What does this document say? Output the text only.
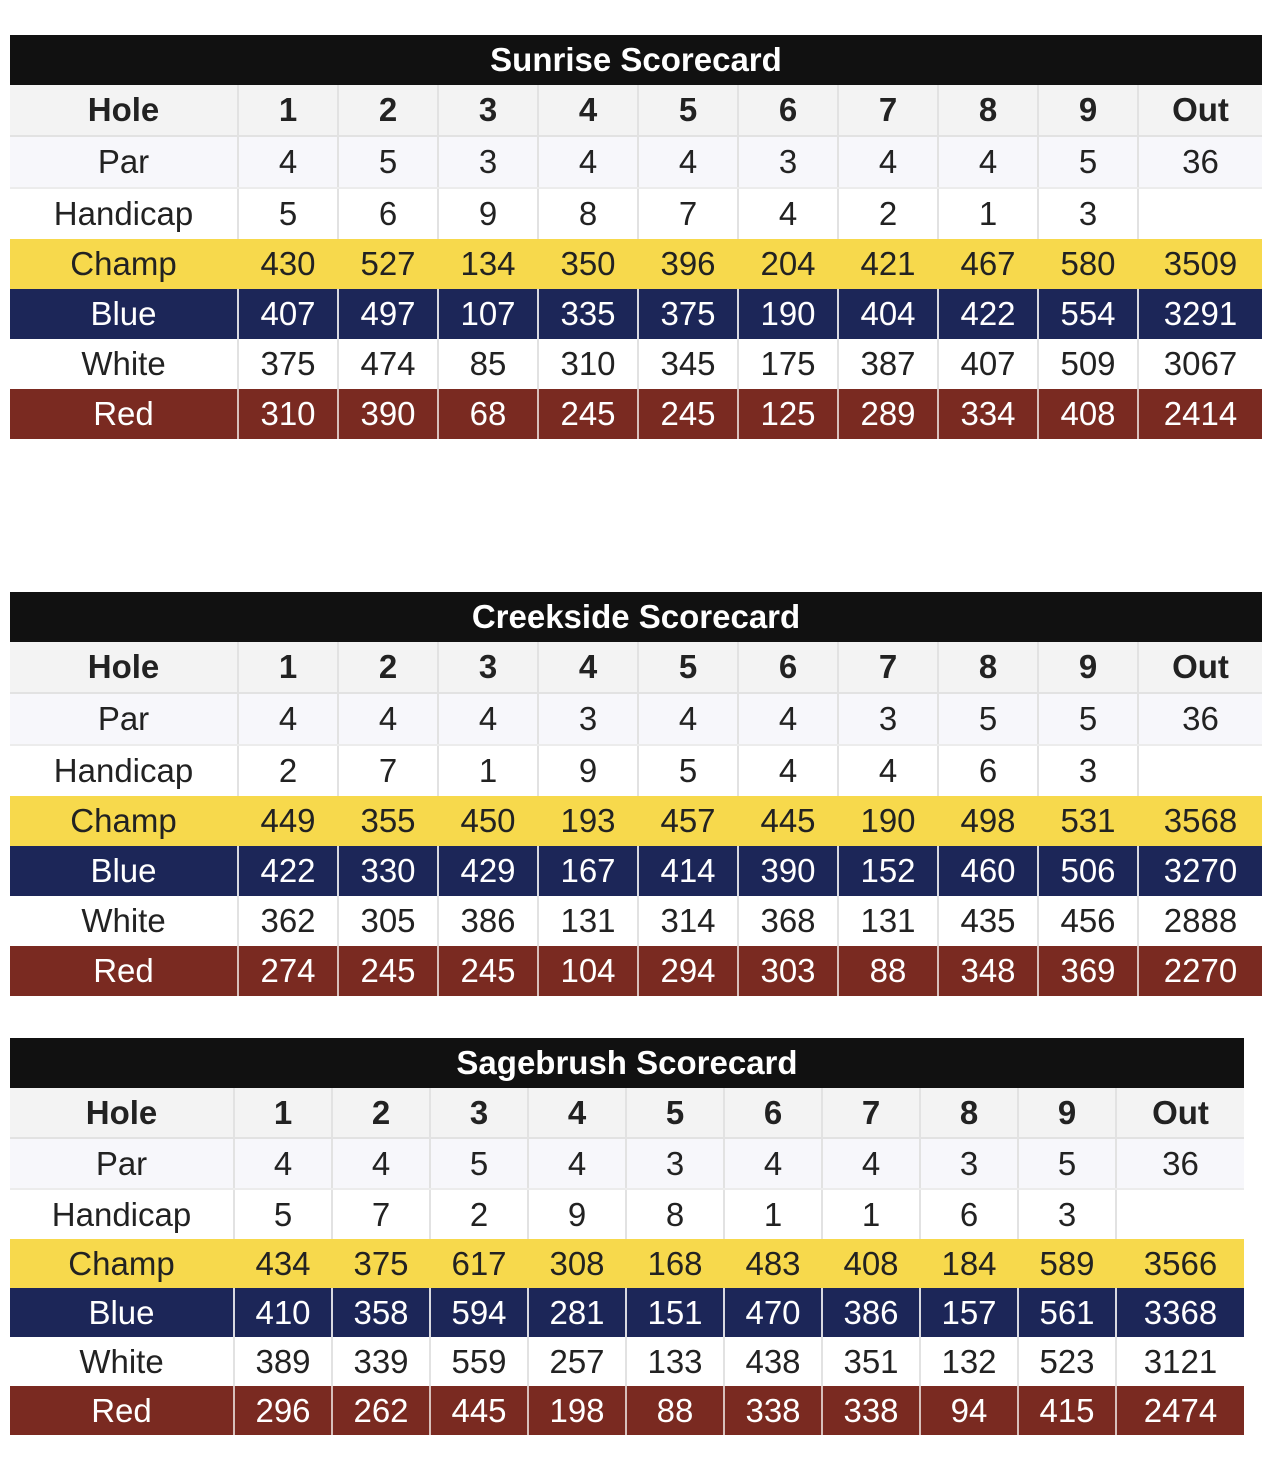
Sunrise Scorecard
Hole	1	2	3	4	5	6	7	8	9	Out
Par	4	5	3	4	4	3	4	4	5	36
Handicap	5	6	9	8	7	4	2	1	3	
Champ	430	527	134	350	396	204	421	467	580	3509
Blue	407	497	107	335	375	190	404	422	554	3291
White	375	474	85	310	345	175	387	407	509	3067
Red	310	390	68	245	245	125	289	334	408	2414
Creekside Scorecard
Hole	1	2	3	4	5	6	7	8	9	Out
Par	4	4	4	3	4	4	3	5	5	36
Handicap	2	7	1	9	5	4	4	6	3	
Champ	449	355	450	193	457	445	190	498	531	3568
Blue	422	330	429	167	414	390	152	460	506	3270
White	362	305	386	131	314	368	131	435	456	2888
Red	274	245	245	104	294	303	88	348	369	2270
Sagebrush Scorecard
Hole	1	2	3	4	5	6	7	8	9	Out
Par	4	4	5	4	3	4	4	3	5	36
Handicap	5	7	2	9	8	1	1	6	3	
Champ	434	375	617	308	168	483	408	184	589	3566
Blue	410	358	594	281	151	470	386	157	561	3368
White	389	339	559	257	133	438	351	132	523	3121
Red	296	262	445	198	88	338	338	94	415	2474
